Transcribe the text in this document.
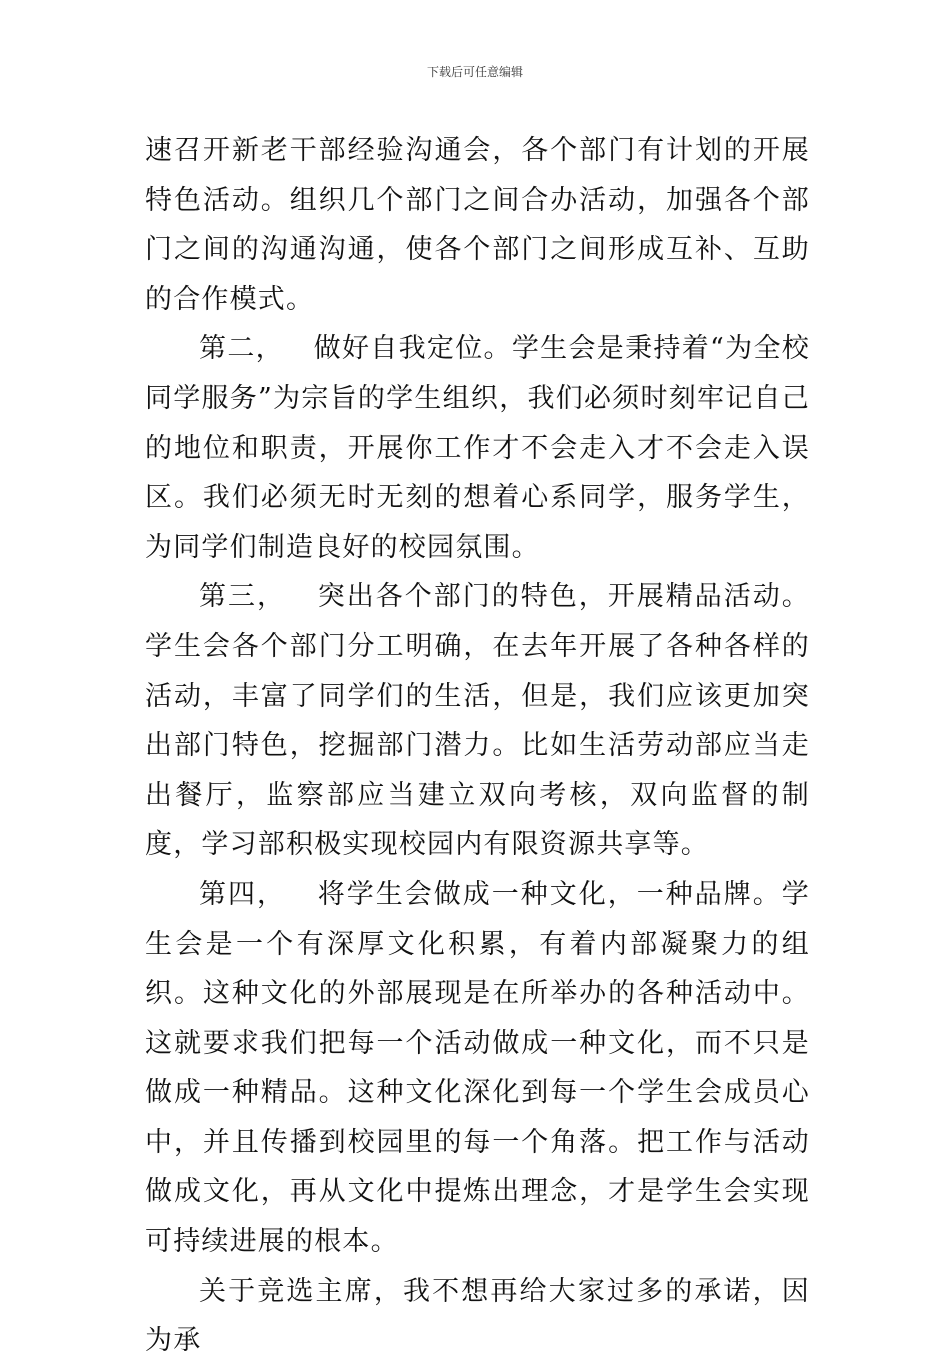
下载后可任意编辑

速召开新老干部经验沟通会，各个部门有计划的开展特色活动。组织几个部门之间合办活动，加强各个部门之间的沟通沟通，使各个部门之间形成互补、互助的合作模式。

第二， 做好自我定位。学生会是秉持着“为全校同学服务”为宗旨的学生组织，我们必须时刻牢记自己的地位和职责，开展你工作才不会走入才不会走入误区。我们必须无时无刻的想着心系同学，服务学生，为同学们制造良好的校园氛围。

第三， 突出各个部门的特色，开展精品活动。学生会各个部门分工明确，在去年开展了各种各样的活动，丰富了同学们的生活，但是，我们应该更加突出部门特色，挖掘部门潜力。比如生活劳动部应当走出餐厅，监察部应当建立双向考核，双向监督的制度，学习部积极实现校园内有限资源共享等。

第四， 将学生会做成一种文化，一种品牌。学生会是一个有深厚文化积累，有着内部凝聚力的组织。这种文化的外部展现是在所举办的各种活动中。这就要求我们把每一个活动做成一种文化，而不只是做成一种精品。这种文化深化到每一个学生会成员心中，并且传播到校园里的每一个角落。把工作与活动做成文化，再从文化中提炼出理念，才是学生会实现可持续进展的根本。

关于竞选主席，我不想再给大家过多的承诺，因为承
